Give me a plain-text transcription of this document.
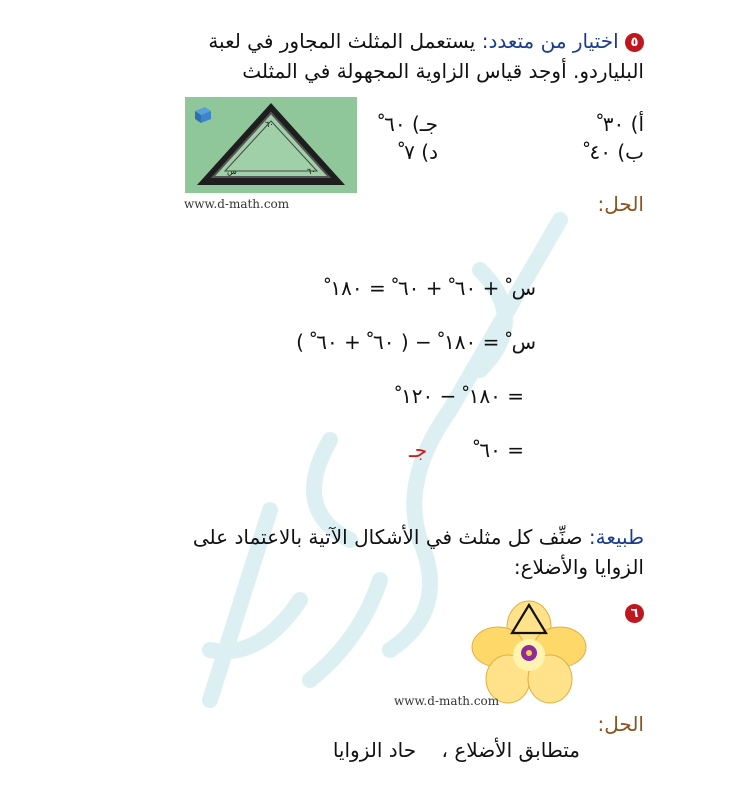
٥ اختيار من متعدد: يستعمل المثلث المجاور في لعبة
البلياردو. أوجد قياس الزاوية المجهولة في المثلث
٦٠
س	٦٠
www.d-math.com
أ) ٣٠ ْ
ب) ٤٠ ْ
جـ) ٦٠ ْ
د) ٧ ْ
الحل:
س ْ + ٦٠ ْ + ٦٠ ْ = ١٨٠ ْ
س ْ = ١٨٠ ْ − ( ٦٠ ْ + ٦٠ ْ )
= ١٨٠ ْ − ١٢٠ ْ
= ٦٠ ْ جـ
طبيعة: صنِّف كل مثلث في الأشكال الآتية بالاعتماد على
الزوايا والأضلاع:
٦
www.d-math.com
الحل:
متطابق الأضلاع ،    حاد الزوايا
